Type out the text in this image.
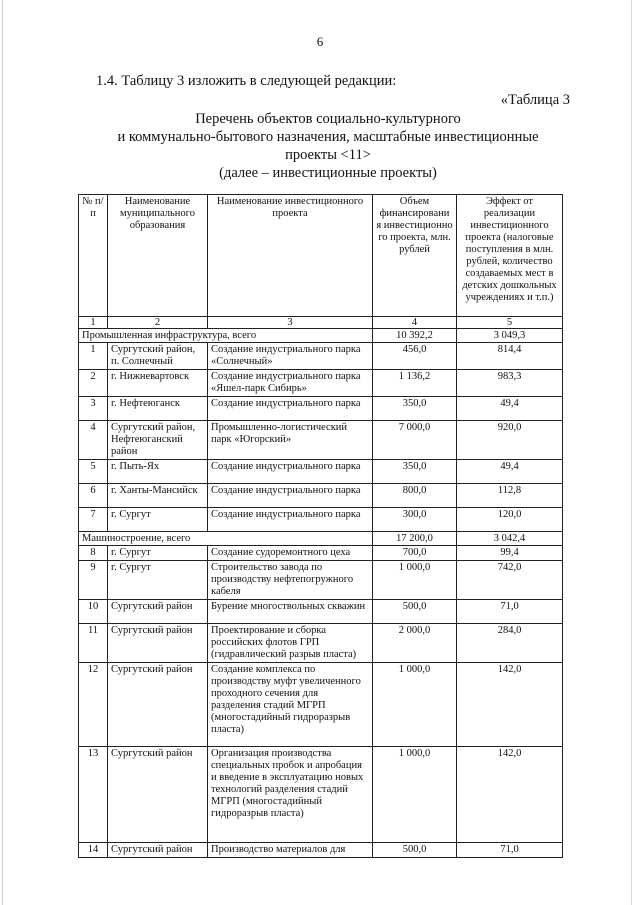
6
1.4. Таблицу 3 изложить в следующей редакции:
«Таблица 3
Перечень объектов социально-культурного
и коммунально-бытового назначения, масштабные инвестиционные
проекты <11>
(далее – инвестиционные проекты)
№ п/п	Наименование муниципального образования	Наименование инвестиционного проекта	Объем финансировани я инвестиционно го проекта, млн. рублей	Эффект от реализации инвестиционного проекта (налоговые поступления в млн. рублей, количество создаваемых мест в детских дошкольных учреждениях и т.п.)
1	2	3	4	5
Промышленная инфраструктура, всего			10 392,2	3 049,3
1	Сургутский район, п. Солнечный	Создание индустриального парка «Солнечный»	456,0	814,4
2	г. Нижневартовск	Создание индустриального парка «Яшел-парк Сибирь»	1 136,2	983,3
3	г. Нефтеюганск	Создание индустриального парка	350,0	49,4
4	Сургутский район, Нефтеюганский район	Промышленно-логистический парк «Югорский»	7 000,0	920,0
5	г. Пыть-Ях	Создание индустриального парка	350,0	49,4
6	г. Ханты-Мансийск	Создание индустриального парка	800,0	112,8
7	г. Сургут	Создание индустриального парка	300,0	120,0
Машиностроение, всего			17 200,0	3 042,4
8	г. Сургут	Создание судоремонтного цеха	700,0	99,4
9	г. Сургут	Строительство завода по производству нефтепогружного кабеля	1 000,0	742,0
10	Сургутский район	Бурение многоствольных скважин	500,0	71,0
11	Сургутский район	Проектирование и сборка российских флотов ГРП (гидравлический разрыв пласта)	2 000,0	284,0
12	Сургутский район	Создание комплекса по производству муфт увеличенного проходного сечения для разделения стадий МГРП (многостадийный гидроразрыв пласта)	1 000,0	142,0
13	Сургутский район	Организация производства специальных пробок и апробация и введение в эксплуатацию новых технологий разделения стадий МГРП (многостадийный гидроразрыв пласта)	1 000,0	142,0
14	Сургутский район	Производство материалов для	500,0	71,0
